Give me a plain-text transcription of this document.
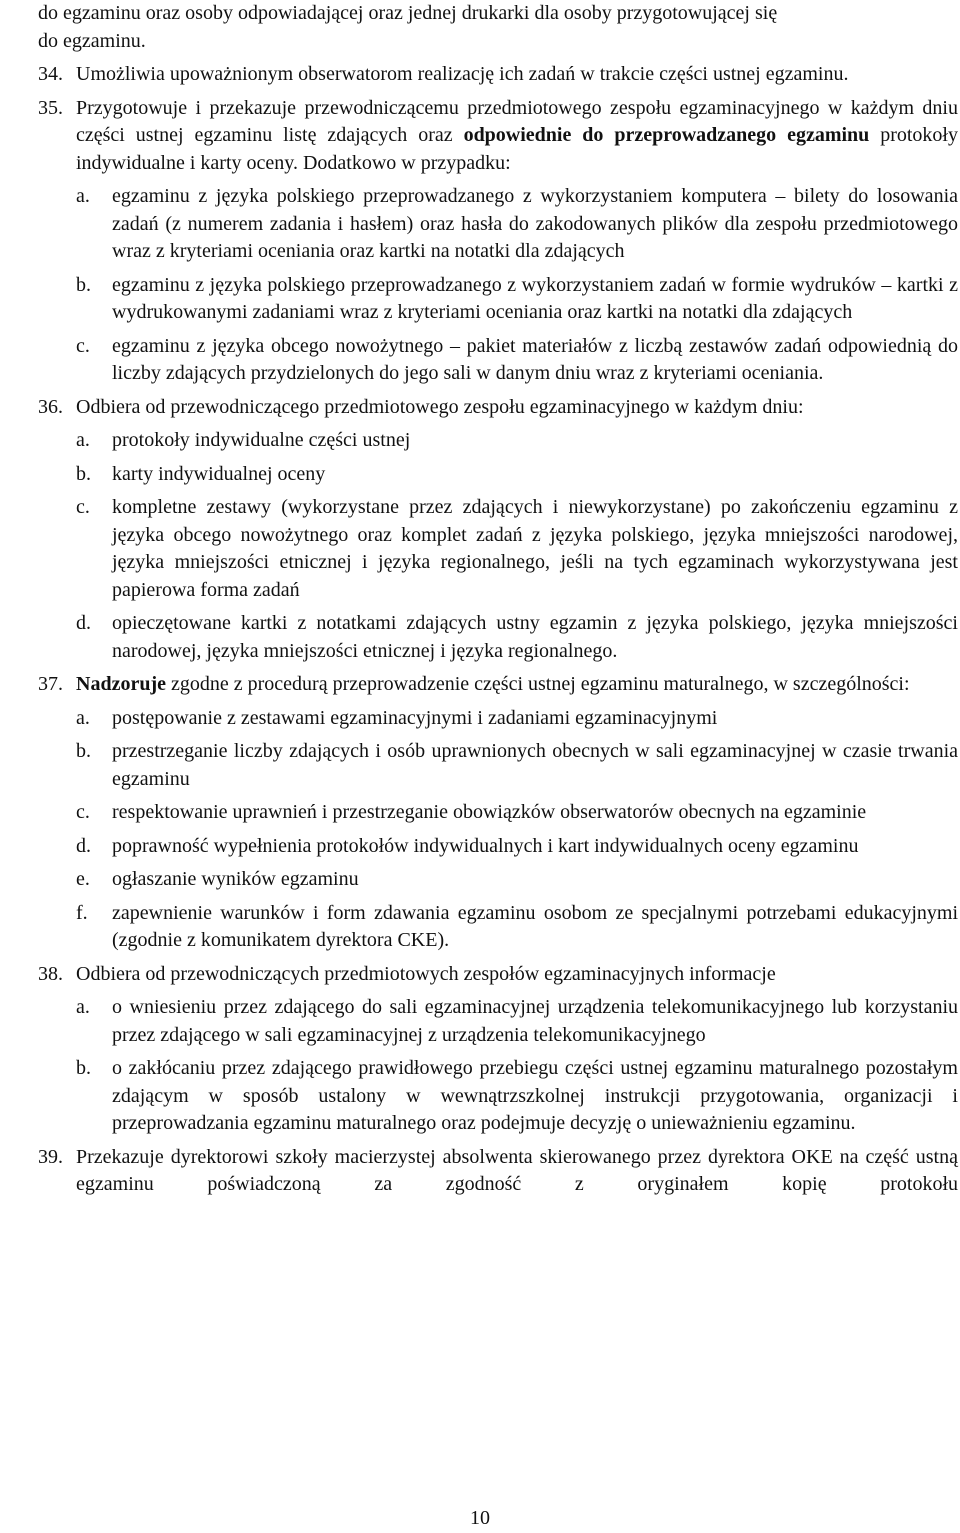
do egzaminu oraz osoby odpowiadającej oraz jednej drukarki dla osoby przygotowującej się
do egzaminu.
34. Umożliwia upoważnionym obserwatorom realizację ich zadań w trakcie części ustnej egzaminu.
35. Przygotowuje i przekazuje przewodniczącemu przedmiotowego zespołu egzaminacyjnego w każdym dniu części ustnej egzaminu listę zdających oraz odpowiednie do przeprowadzanego egzaminu protokoły indywidualne i karty oceny. Dodatkowo w przypadku:
a.	egzaminu z języka polskiego przeprowadzanego z wykorzystaniem komputera – bilety do losowania zadań (z numerem zadania i hasłem) oraz hasła do zakodowanych plików dla zespołu przedmiotowego wraz z kryteriami oceniania oraz kartki na notatki dla zdających
b.	egzaminu z języka polskiego przeprowadzanego z wykorzystaniem zadań w formie wydruków – kartki z wydrukowanymi zadaniami wraz z kryteriami oceniania oraz kartki na notatki dla zdających
c.	egzaminu z języka obcego nowożytnego – pakiet materiałów z liczbą zestawów zadań odpowiednią do liczby zdających przydzielonych do jego sali w danym dniu wraz z kryteriami oceniania.
36. Odbiera od przewodniczącego przedmiotowego zespołu egzaminacyjnego w każdym dniu:
a.	protokoły indywidualne części ustnej
b.	karty indywidualnej oceny
c.	kompletne zestawy (wykorzystane przez zdających i niewykorzystane) po zakończeniu egzaminu z języka obcego nowożytnego oraz komplet zadań z języka polskiego, języka mniejszości narodowej, języka mniejszości etnicznej i języka regionalnego, jeśli na tych egzaminach wykorzystywana jest papierowa forma zadań
d.	opieczętowane kartki z notatkami zdających ustny egzamin z języka polskiego, języka mniejszości narodowej, języka mniejszości etnicznej i języka regionalnego.
37. Nadzoruje zgodne z procedurą przeprowadzenie części ustnej egzaminu maturalnego, w szczególności:
a.	postępowanie z zestawami egzaminacyjnymi i zadaniami egzaminacyjnymi
b.	przestrzeganie liczby zdających i osób uprawnionych obecnych w sali egzaminacyjnej w czasie trwania egzaminu
c.	respektowanie uprawnień i przestrzeganie obowiązków obserwatorów obecnych na egzaminie
d.	poprawność wypełnienia protokołów indywidualnych i kart indywidualnych oceny egzaminu
e.	ogłaszanie wyników egzaminu
f.	zapewnienie warunków i form zdawania egzaminu osobom ze specjalnymi potrzebami edukacyjnymi (zgodnie z komunikatem dyrektora CKE).
38. Odbiera od przewodniczących przedmiotowych zespołów egzaminacyjnych informacje
a.	o wniesieniu przez zdającego do sali egzaminacyjnej urządzenia telekomunikacyjnego lub korzystaniu przez zdającego w sali egzaminacyjnej z urządzenia telekomunikacyjnego
b.	o zakłócaniu przez zdającego prawidłowego przebiegu części ustnej egzaminu maturalnego pozostałym zdającym w sposób ustalony w wewnątrzszkolnej instrukcji przygotowania, organizacji i przeprowadzania egzaminu maturalnego oraz podejmuje decyzję o unieważnieniu egzaminu.
39. Przekazuje dyrektorowi szkoły macierzystej absolwenta skierowanego przez dyrektora OKE na część ustną egzaminu poświadczoną za zgodność z oryginałem kopię protokołu
10
